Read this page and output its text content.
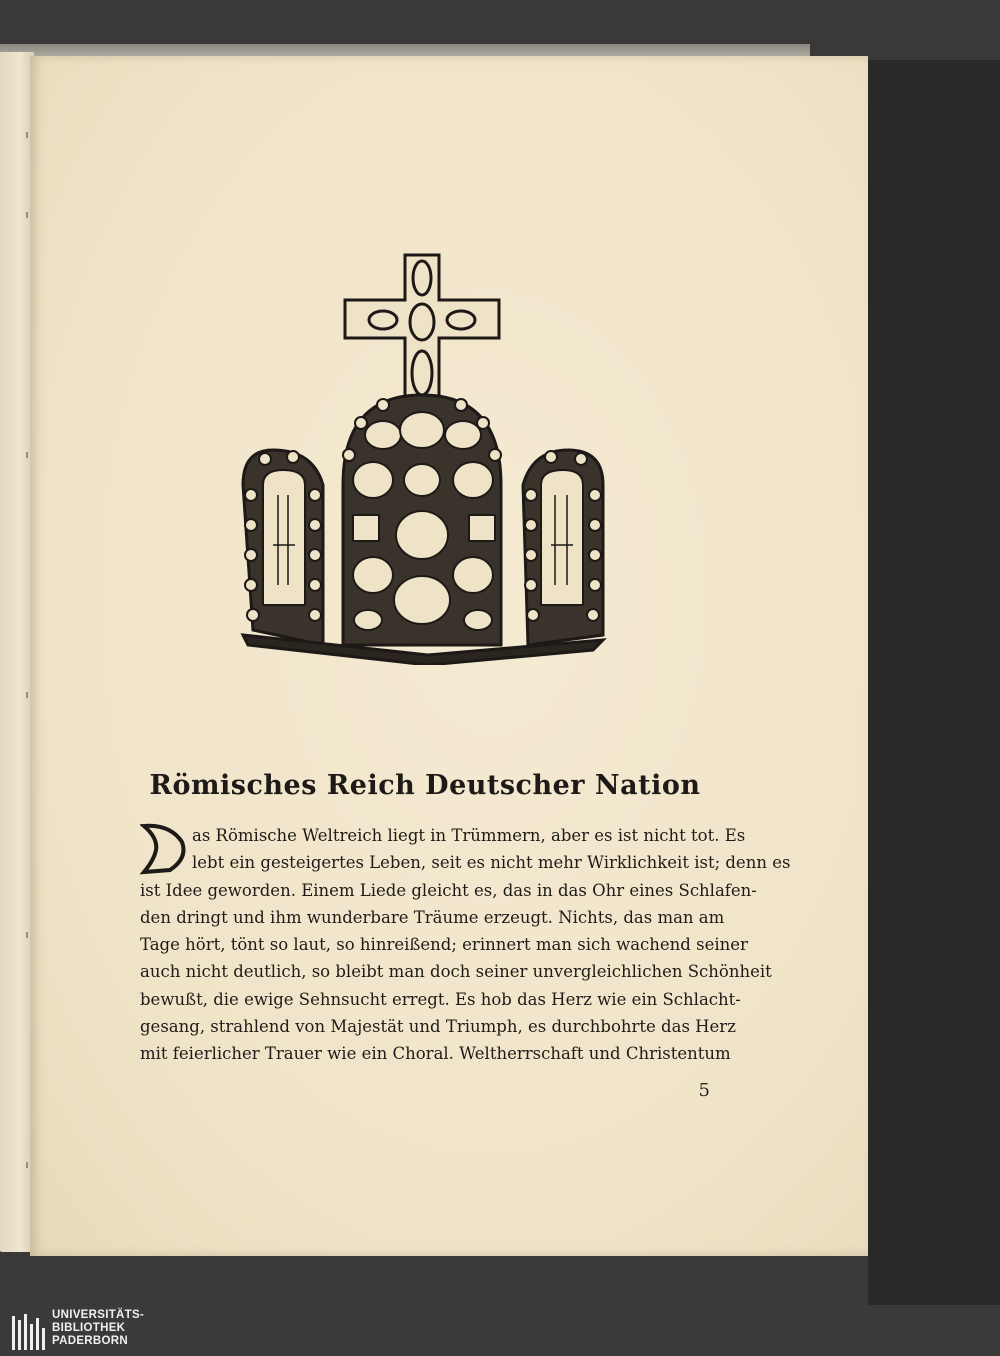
Römisches Reich Deutscher Nation
D
as Römische Weltreich liegt in Trümmern, aber es ist nicht tot. Es
lebt ein gesteigertes Leben, seit es nicht mehr Wirklichkeit ist; denn es
ist Idee geworden. Einem Liede gleicht es, das in das Ohr eines Schlafen-
den dringt und ihm wunderbare Träume erzeugt. Nichts, das man am
Tage hört, tönt so laut, so hinreißend; erinnert man sich wachend seiner
auch nicht deutlich, so bleibt man doch seiner unvergleichlichen Schönheit
bewußt, die ewige Sehnsucht erregt. Es hob das Herz wie ein Schlacht-
gesang, strahlend von Majestät und Triumph, es durchbohrte das Herz
mit feierlicher Trauer wie ein Choral. Weltherrschaft und Christentum
5
UNIVERSITÄTS-
BIBLIOTHEK
PADERBORN
